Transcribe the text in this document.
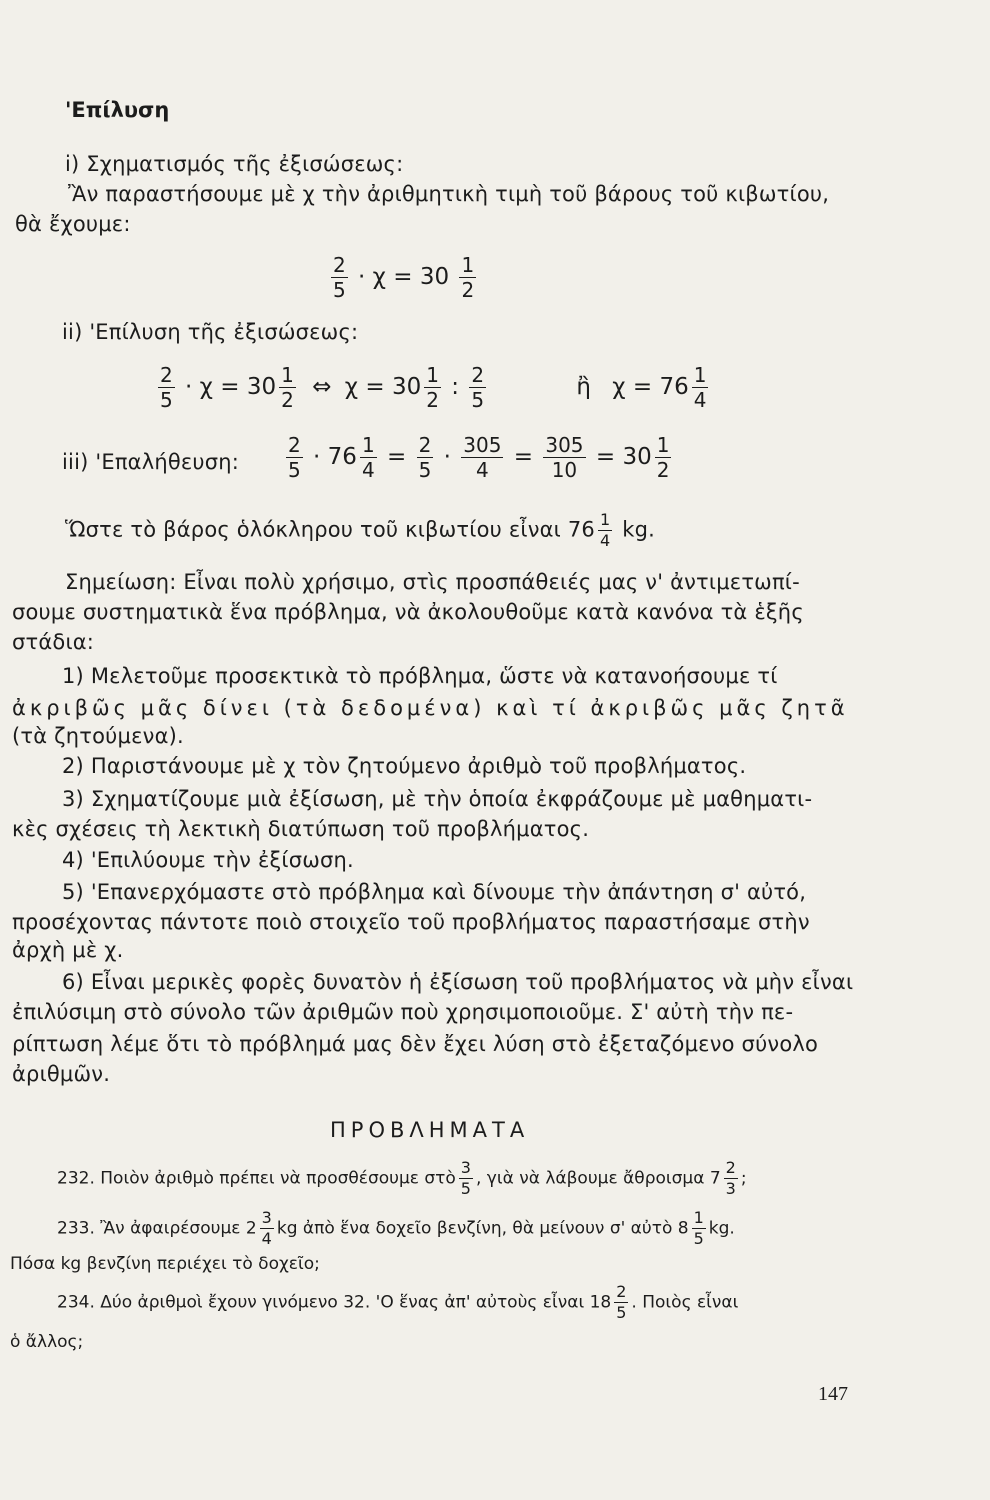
'Επίλυση
i) Σχηματισμός τῆς ἐξισώσεως:
Ἂν παραστήσουμε μὲ χ τὴν ἀριθμητικὴ τιμὴ τοῦ βάρους τοῦ κιβωτίου,
θὰ ἔχουμε:
$\frac{2}{5} \cdot \chi = 30 \frac{1}{2}$
ii) 'Επίλυση τῆς ἐξισώσεως:
$\frac{2}{5} \cdot \chi = 30 \frac{1}{2}$ ⇔ $\chi = 30 \frac{1}{2}$ : $\frac{2}{5}$	ἢ $\chi = 76 \frac{1}{4}$
iii) 'Επαλήθευση: $\frac{2}{5} \cdot 76 \frac{1}{4} = \frac{2}{5} \cdot \frac{305}{4} = \frac{305}{10} = 30 \frac{1}{2}$
Ὥστε τὸ βάρος ὁλόκληρου τοῦ κιβωτίου εἶναι $76 \frac{1}{4}$ kg.
Σημείωση: Εἶναι πολὺ χρήσιμο, στὶς προσπάθειές μας ν' ἀντιμετωπί-
σουμε συστηματικὰ ἕνα πρόβλημα, νὰ ἀκολουθοῦμε κατὰ κανόνα τὰ ἑξῆς
στάδια:
1) Μελετοῦμε προσεκτικὰ τὸ πρόβλημα, ὥστε νὰ κατανοήσουμε τί
ἀκριβῶς μᾶς δίνει (τὰ δεδομένα) καὶ τί ἀκριβῶς μᾶς ζητᾶ
(τὰ ζητούμενα).
2) Παριστάνουμε μὲ χ τὸν ζητούμενο ἀριθμὸ τοῦ προβλήματος.
3) Σχηματίζουμε μιὰ ἐξίσωση, μὲ τὴν ὁποία ἐκφράζουμε μὲ μαθηματι-
κὲς σχέσεις τὴ λεκτικὴ διατύπωση τοῦ προβλήματος.
4) 'Επιλύουμε τὴν ἐξίσωση.
5) 'Επανερχόμαστε στὸ πρόβλημα καὶ δίνουμε τὴν ἀπάντηση σ' αὐτό,
προσέχοντας πάντοτε ποιὸ στοιχεῖο τοῦ προβλήματος παραστήσαμε στὴν
ἀρχὴ μὲ χ.
6) Εἶναι μερικὲς φορὲς δυνατὸν ἡ ἐξίσωση τοῦ προβλήματος νὰ μὴν εἶναι
ἐπιλύσιμη στὸ σύνολο τῶν ἀριθμῶν ποὺ χρησιμοποιοῦμε. Σ' αὐτὴ τὴν πε-
ρίπτωση λέμε ὅτι τὸ πρόβλημά μας δὲν ἔχει λύση στὸ ἐξεταζόμενο σύνολο
ἀριθμῶν.
ΠΡΟΒΛΗΜΑΤΑ
232. Ποιὸν ἀριθμὸ πρέπει νὰ προσθέσουμε στὸ $\frac{3}{5}$ , γιὰ νὰ λάβουμε ἄθροισμα $7 \frac{2}{3}$ ;
233. Ἂν ἀφαιρέσουμε $2 \frac{3}{4}$ kg ἀπὸ ἕνα δοχεῖο βενζίνη, θὰ μείνουν σ' αὐτὸ $8 \frac{1}{5}$ kg.
Πόσα kg βενζίνη περιέχει τὸ δοχεῖο;
234. Δύο ἀριθμοὶ ἔχουν γινόμενο 32. 'Ο ἕνας ἀπ' αὐτοὺς εἶναι $18 \frac{2}{5}$ . Ποιὸς εἶναι
ὁ ἄλλος;
147
